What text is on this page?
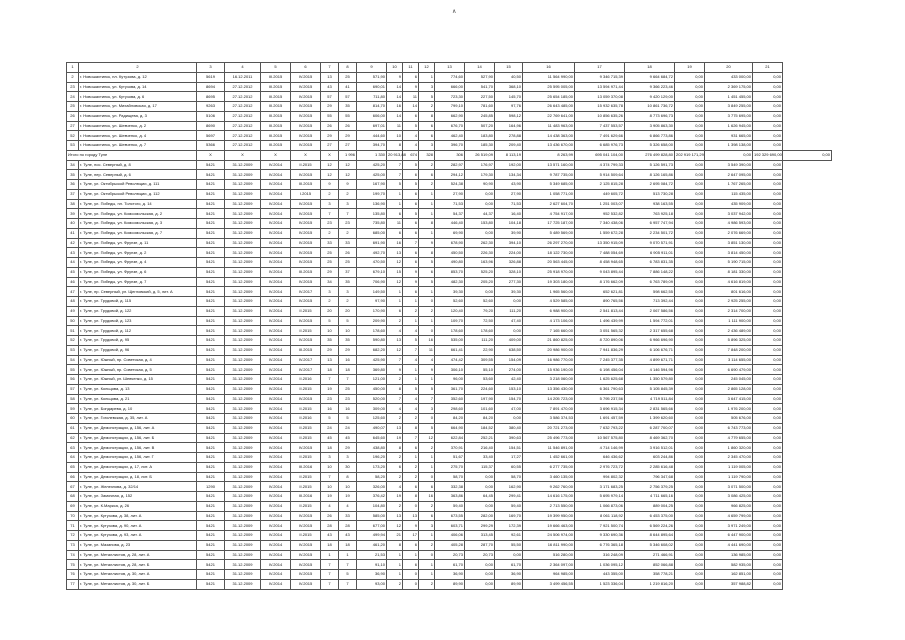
∧
1	2	3	4	5	6	7	8	9	10	11	12	13	14	15	16	17	18	19	20	21	
2	г. Новошахтинск, пл. Кутузова, д. 12	5619	16.12.2011	III.2015	IV.2015	13	25	571,90	9	6	1	774,60	527,90	40,50	11 564 990,00	9 346 715,39	9 664 684,72	0,00	433 000,00	0,00	
23	г. Новошахтинск, ул. Кутузова, д. 14	8694	27.12.2012	III.2015	IV.2015	43	41	690,01	14	9	3	666,00	541,70	368,10	25 595 005,00	13 594 971,44	9 366 223,46	0,00	2 369 175,00	0,00	
24	г. Новошахтинск, ул. Кутузова, д. 6	8695	27.12.2012	III.2015	IV.2015	57	57	711,80	14	11	5	723,30	227,50	145,70	25 654 185,00	13 059 370,08	9 420 129,00	0,00	1 451 455,00	0,00	
25	г. Новошахтинск, ул. Михайловская, д. 17	9263	27.12.2012	III.2015	IV.2015	29	35	814,70	16	14	2	799,10	781,60	97,76	26 643 485,00	15 932 635,78	10 861 736,72	0,00	3 849 255,00	0,00	
26	г. Новошахтинск, ул. Радищева, д. 3	5106	27.12.2012	III.2015	IV.2015	55	55	606,00	14	6	8	662,90	245,85	598,12	22 769 641,00	10 856 635,26	8 773 696,73	0,00	3 775 695,00	0,00	
27	г. Новошахтинск, ул. Шевченко, д. 2	8690	27.12.2012	III.2015	IV.2015	26	26	697,01	11	5	6	676,70	507,20	164,96	11 483 963,00	7 437 553,57	3 905 863,30	0,00	1 626 945,00	0,00	
52	г. Новошахтинск, ул. Шевченко, д. 4	5697	27.12.2012	III.2015	IV.2015	29	29	444,60	10	4	6	462,40	183,80	278,88	14 438 363,00	7 491 629,66	6 866 773,86	0,00	931 665,00	0,00	
53	г. Новошахтинск, ул. Шевченко, д. 7	5366	27.12.2012	III.2015	IV.2015	27	27	394,70	8	4	3	396,70	185,30	209,40	13 436 670,00	6 685 976,73	5 326 658,00	0,00	1 398 138,00	0,00	
Итого по городу Туле		X	X	X	X	X	1 996	1 330	20 913,88	674	328	306	26 519,09	8 113,19	8 263,99	695 041 104,00	276 499 828,80	202 919 171,29	0,00	192 329 690,00	0,00
34	г. Туле, пос. Северный, д. 8	5421	31.12.2009	IV.2014	II.2015	12	12	425,20	7	5	2	282,97	176,97	192,00	13 571 160,00	4 374 799,33	5 126 591,73	0,00	3 549 390,00	0,00	
35	г. Туле, пер. Северный, д. 6	5421	31.12.2009	IV.2014	IV.2015	12	12	425,00	7	6	6	294,12	179,30	134,34	9 787 735,00	5 914 509,64	8 126 165,86	0,00	2 647 095,00	0,00	
36	г. Туле, ул. Октябрьской Революции, д. 111	5421	31.12.2009	IV.2014	III.2015	9	9	167,90	5	5	2	524,38	90,90	43,90	5 349 685,00	2 125 815,28	2 695 084,72	0,00	1 767 265,00	0,00	
37	г. Туле, ул. Октябрьской Революции, д. 112	5421	31.12.2009	IV.2014	I.2015	2	2	199,70	1	6	1	27,90	0,00	27,90	1 058 771,00	449 605,72	513 730,28	0,00	115 435,00	0,00	
38	г. Туле, ул. Победы, пл. Толстого, д. 14	5421	31.12.2009	IV.2014	IV.2015	3	3	136,90	1	6	1	71,53	0,00	71,53	2 627 604,70	1 251 003,07	938 163,55	0,00	435 909,00	0,00	
39	г. Туле, ул. Победы, ул. Комсомольская, д. 2	5421	31.12.2009	IV.2014	IV.2015	7	7	135,80	6	5	1	54,37	44,37	16,40	4 754 917,00	952 532,82	763 925,18	0,00	3 037 942,00	0,00	
40	г. Туле, ул. Победы, ул. Комсомольская, д. 3	5421	31.12.2009	IV.2014	IV.2015	23	23	735,80	11	6	8	446,40	153,80	104,18	17 725 187,00	7 340 438,06	6 957 747,94	0,00	4 986 593,00	0,00	
41	г. Туле, ул. Победы, ул. Комсомольская, д. 7	5421	31.12.2009	IV.2014	IV.2015	2	2	685,00	6	6	1	69,90	0,00	39,90	5 489 569,00	1 559 672,28	2 234 501,72	0,00	2 076 669,00	0,00	
42	г. Туле, ул. Победы, ул. Фрунзе, д. 11	5421	31.12.2009	IV.2014	IV.2015	33	33	691,90	16	7	9	678,90	262,30	394,10	26 297 270,00	13 350 915,09	9 070 571,91	0,00	3 851 130,00	0,00	
43	г. Туле, ул. Победы, ул. Фрунзе, д. 2	5421	31.12.2009	IV.2014	IV.2015	25	26	492,70	13	6	8	450,50	226,30	224,00	18 122 730,00	7 488 054,69	6 905 911,01	0,00	3 814 450,00	0,00	
44	г. Туле, ул. Победы, ул. Фрунзе, д. 4	5421	31.12.2009	IV.2014	IV.2015	25	25	470,50	12	6	5	490,80	163,96	326,88	20 563 445,00	8 458 948,65	6 783 831,35	0,00	5 190 715,00	0,00	
45	г. Туле, ул. Победы, ул. Фрунзе, д. 6	5421	31.12.2009	IV.2014	III.2015	29	37	679,10	15	9	6	853,70	525,20	328,10	25 918 970,00	9 043 895,44	7 886 148,22	0,00	8 181 330,00	0,00	
46	г. Туле, ул. Победы, ул. Фрунзе, д. 7	5421	31.12.2009	IV.2014	IV.2015	34	35	706,90	12	9	5	482,30	205,20	277,30	19 303 180,00	8 176 662,09	6 763 789,09	0,00	4 616 819,00	0,00	
47	г. Туле, пр. Северный, ул. Щегловский, д. 5, лит. А	5421	31.12.2009	IV.2014	IV.2017	3	3	149,50	1	6	1	39,30	0,00	39,30	1 965 560,00	652 621,81	598 662,55	0,00	801 616,00	0,00	
48	г. Туле, ул. Трудовой, д. 115	5421	31.12.2009	IV.2014	IV.2015	2	2	97,90	1	1	0	52,60	52,60	0,00	4 529 585,00	890 765,56	713 392,44	0,00	2 925 255,00	0,00	
49	г. Туле, ул. Трудовой, д. 122	5421	31.12.2009	IV.2014	II.2015	20	20	170,90	6	2	2	120,40	79,20	111,20	6 988 900,00	2 541 813,44	2 067 586,56	0,00	2 314 700,00	0,00	
50	г. Туле, ул. Трудовой, д. 123	5421	31.12.2009	IV.2014	IV.2015	5	5	209,90	2	1	1	109,70	72,50	47,40	4 173 106,00	1 496 439,99	1 594 772,01	0,00	1 111 900,00	0,00	
51	г. Туле, ул. Трудовой, д. 112	5421	31.12.2009	IV.2014	II.2015	10	10	178,60	4	4	0	178,60	178,60	0,00	7 165 660,00	3 051 565,32	2 317 655,68	0,00	2 436 489,00	0,00	
52	г. Туле, ул. Трудовой, д. 95	5421	31.12.2009	IV.2014	IV.2015	35	35	590,80	13	5	16	535,00	111,20	409,00	21 860 825,00	8 720 890,06	6 966 696,90	0,00	5 896 325,00	0,00	
53	г. Туле, ул. Трудовой, д. 96	5421	31.12.2009	IV.2014	III.2015	29	29	682,20	12	7	11	661,41	22,90	638,50	20 986 900,00	7 941 836,29	6 106 676,71	0,00	7 848 200,00	0,00	
54	г. Туле, ул. Южный, пр. Советская, д. 4	5421	31.12.2009	IV.2014	IV.2017	13	16	425,90	7	4	4	474,42	309,55	154,09	16 986 770,00	7 245 377,35	4 899 671,71	0,00	3 114 655,00	0,00	
55	г. Туле, ул. Южный, пр. Советская, д. 5	5421	31.12.2009	IV.2014	IV.2017	18	18	369,80	9	1	9	306,10	55,10	274,00	15 936 190,00	6 198 456,04	4 146 594,96	0,00	6 690 479,00	0,00	
56	г. Туле, ул. Южный, ул. Шевченко, д. 15	5421	31.12.2009	IV.2014	II.2016	7	7	121,00	2	1	1	96,00	53,60	42,40	3 218 060,00	1 625 625,68	1 350 579,80	0,00	245 045,00	0,00	
57	г. Туле, ул. Кольцова, д. 13	5421	31.12.2009	IV.2014	II.2015	19	25	450,00	8	5	5	361,70	224,60	153,10	13 356 430,00	6 361 790,63	5 105 845,39	0,00	2 865 128,00	0,00	
58	г. Туле, ул. Кольцова, д. 21	5421	31.12.2009	IV.2014	IV.2015	23	23	520,00	7	4	7	352,60	197,90	154,70	14 205 723,00	5 795 237,56	4 719 511,84	0,00	3 647 415,00	0,00	
59	г. Туле, ул. Бондарева, д. 10	5421	31.12.2009	IV.2014	II.2015	16	16	309,00	4	4	3	298,60	101,60	47,00	7 891 470,00	3 696 915,34	2 831 565,66	0,00	1 976 200,00	0,00	
60	г. Туле, ул. Гоголевская, д. 35, лит. А	5421	31.12.2009	IV.2014	II.2016	5	5	125,60	2	2	0	84,20	84,20	0,00	3 586 374,53	1 691 457,59	1 399 620,60	0,00	505 676,00	0,00	
61	г. Туле, ул. Демонстрации, д. 156, лит. А	5421	31.12.2009	IV.2014	II.2015	24	24	490,07	13	8	5	664,90	184,52	380,40	20 721 273,00	7 632 793,22	6 287 700,07	0,00	6 743 773,00	0,00	
62	г. Туле, ул. Демонстрации, д. 156, лит. Б	5421	31.12.2009	IV.2014	II.2015	45	45	645,60	19	7	12	622,84	252,21	390,63	25 496 773,00	10 567 575,80	8 469 362,70	0,00	4 779 655,00	0,00	
63	г. Туле, ул. Демонстрации, д. 156, лит. В	5421	31.12.2009	IV.2014	IV.2015	18	29	438,80	8	6	2	370,91	216,40	154,51	11 546 891,00	4 714 146,99	3 916 512,01	0,00	1 860 320,00	0,00	
64	г. Туле, ул. Демонстрации, д. 156, лит. Г	5421	31.12.2009	IV.2014	II.2015	3	3	196,20	2	1	1	51,67	33,40	17,27	1 452 661,00	646 436,62	603 244,86	0,00	2 345 470,00	0,00	
65	г. Туле, ул. Демонстрации, д. 17, лит. А	5421	31.12.2009	IV.2014	III.2016	10	30	173,20	6	2	1	275,70	115,37	60,55	6 277 735,00	2 976 723,72	2 285 616,48	0,00	1 119 005,00	0,00	
66	г. Туле, ул. Демонстрации, д. 18, лит. Б	5421	31.12.2009	IV.2014	II.2015	7	8	58,20	2	2	0	58,70	0,00	58,70	3 460 135,00	994 802,32	796 347,68	0,00	1 119 790,00	0,00	
67	г. Туле, ул. Железнова, д. 32/14	1290	31.12.2009	IV.2014	II.2015	10	10	326,00	4	6	6	332,38	0,00	162,90	9 262 760,00	3 171 683,25	2 756 379,25	0,00	3 071 500,00	0,00	
68	г. Туле, ул. Замочная, д. 152	5421	31.12.2009	IV.2014	III.2016	19	19	376,42	19	8	16	363,86	64,45	299,41	14 616 175,00	5 695 979,14	4 711 665,16	0,00	3 086 425,00	0,00	
69	г. Туле, ул. К.Маркса, д. 26	5421	31.12.2009	IV.2014	II.2015	4	4	104,80	2	0	2	59,40	0,00	59,40	2 713 550,00	1 066 873,06	889 004,25	0,00	966 825,00	0,00	
70	г. Туле, ул. Кутузова, д. 38, лит. А	5421	31.12.2009	IV.2014	IV.2015	26	33	585,00	13	13	6	673,55	282,00	169,70	19 399 950,00	8 061 118,92	6 453 375,00	0,00	4 659 799,00	0,00	
71	г. Туле, ул. Кутузова, д. 90, лит. А	5421	31.12.2009	IV.2014	IV.2015	28	28	677,00	12	9	3	603,71	299,29	172,39	19 666 463,00	7 921 500,74	6 569 224,26	0,00	3 971 249,00	0,00	
72	г. Туле, ул. Кутузова, д. 93, лит. А	5421	31.12.2009	IV.2014	II.2015	43	43	499,94	21	17	1	406,06	313,45	92,61	24 506 974,00	9 330 690,36	8 644 895,64	0,00	6 447 900,00	0,00	
73	г. Туле, ул. Мазанова, д. 23	5421	31.12.2009	IV.2014	IV.2015	18	18	461,20	8	6	2	405,28	287,70	55,50	16 811 990,00	6 776 365,18	5 346 608,02	0,00	4 441 690,00	0,00	
74	г. Туле, ул. Металлистов, д. 28, лит. А	5421	31.12.2009	IV.2014	IV.2015	1	1	21,53	1	1	0	20,73	20,73	0,00	516 280,00	316 248,09	271 466,91	0,00	136 985,00	0,00	
75	г. Туле, ул. Металлистов, д. 28, лит. Б	5421	31.12.2009	IV.2014	IV.2015	7	7	91,10	1	6	1	61,70	0,00	61,70	2 364 097,00	1 036 095,12	852 066,88	0,00	582 935,00	0,00	
76	г. Туле, ул. Металлистов, д. 30, лит. А	5421	31.12.2009	IV.2014	IV.2015	7	5	36,90	1	0	1	36,90	0,00	36,90	964 985,00	443 355,00	358 778,21	0,00	162 851,00	0,00	
77	г. Туле, ул. Металлистов, д. 30, лит. Б	5421	31.12.2009	IV.2014	IV.2015	7	7	93,00	2	0	2	89,90	0,00	89,90	3 499 456,55	1 523 336,04	1 219 816,20	0,00	357 988,82	0,00	
